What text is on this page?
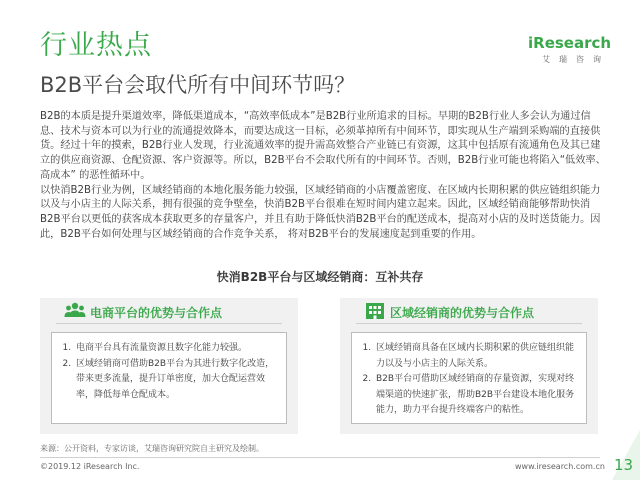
行业热点
B2B平台会取代所有中间环节吗？
iResearch
艾瑞咨询

B2B的本质是提升渠道效率，降低渠道成本，“高效率低成本”是B2B行业所追求的目标。早期的B2B行业人多会认为通过信息、技术与资本可以为行业的流通提效降本，而要达成这一目标，必须革掉所有中间环节，即实现从生产端到采购端的直接供货。经过十年的摸索，B2B行业人发现，行业流通效率的提升需高效整合产业链已有资源，这其中包括原有流通角色及其已建立的供应商资源、仓配资源、客户资源等。所以，B2B平台不会取代所有的中间环节。否则，B2B行业可能也将陷入“低效率、高成本” 的恶性循环中。

以快消B2B行业为例，区域经销商的本地化服务能力较强，区域经销商的小店覆盖密度、在区域内长期积累的供应链组织能力以及与小店主的人际关系，拥有很强的竞争壁垒，快消B2B平台很难在短时间内建立起来。因此，区域经销商能够帮助快消B2B平台以更低的获客成本获取更多的存量客户，并且有助于降低快消B2B平台的配送成本，提高对小店的及时送货能力。因此，B2B平台如何处理与区域经销商的合作竞争关系， 将对B2B平台的发展速度起到重要的作用。

快消B2B平台与区域经销商：互补共存
电商平台的优势与合作点
1. 电商平台具有流量资源且数字化能力较强。
2. 区域经销商可借助B2B平台为其进行数字化改造，带来更多流量，提升订单密度，加大仓配运营效率，降低每单仓配成本。
区域经销商的优势与合作点
1. 区域经销商具备在区域内长期积累的供应链组织能力以及与小店主的人际关系。
2. B2B平台可借助区域经销商的存量资源，实现对终端渠道的快速扩张，帮助B2B平台建设本地化服务能力，助力平台提升终端客户的粘性。
来源：公开资料，专家访谈，艾瑞咨询研究院自主研究及绘制。
©2019.12 iResearch Inc.	www.iresearch.com.cn 13
